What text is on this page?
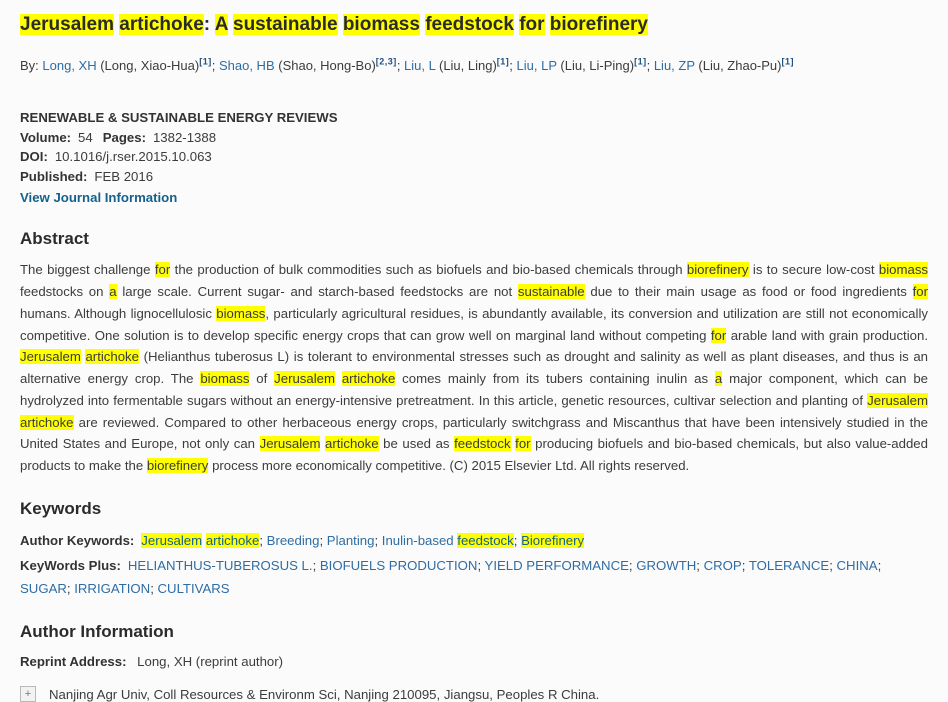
Jerusalem artichoke: A sustainable biomass feedstock for biorefinery
By: Long, XH (Long, Xiao-Hua)[1]; Shao, HB (Shao, Hong-Bo)[2,3]; Liu, L (Liu, Ling)[1]; Liu, LP (Liu, Li-Ping)[1]; Liu, ZP (Liu, Zhao-Pu)[1]
RENEWABLE & SUSTAINABLE ENERGY REVIEWS
Volume: 54 Pages: 1382-1388
DOI: 10.1016/j.rser.2015.10.063
Published: FEB 2016
View Journal Information
Abstract

The biggest challenge for the production of bulk commodities such as biofuels and bio-based chemicals through biorefinery is to secure low-cost biomass feedstocks on a large scale. Current sugar- and starch-based feedstocks are not sustainable due to their main usage as food or food ingredients for humans. Although lignocellulosic biomass, particularly agricultural residues, is abundantly available, its conversion and utilization are still not economically competitive. One solution is to develop specific energy crops that can grow well on marginal land without competing for arable land with grain production. Jerusalem artichoke (Helianthus tuberosus L) is tolerant to environmental stresses such as drought and salinity as well as plant diseases, and thus is an alternative energy crop. The biomass of Jerusalem artichoke comes mainly from its tubers containing inulin as a major component, which can be hydrolyzed into fermentable sugars without an energy-intensive pretreatment. In this article, genetic resources, cultivar selection and planting of Jerusalem artichoke are reviewed. Compared to other herbaceous energy crops, particularly switchgrass and Miscanthus that have been intensively studied in the United States and Europe, not only can Jerusalem artichoke be used as feedstock for producing biofuels and bio-based chemicals, but also value-added products to make the biorefinery process more economically competitive. (C) 2015 Elsevier Ltd. All rights reserved.

Keywords

Author Keywords: Jerusalem artichoke; Breeding; Planting; Inulin-based feedstock; Biorefinery

KeyWords Plus: HELIANTHUS-TUBEROSUS L.; BIOFUELS PRODUCTION; YIELD PERFORMANCE; GROWTH; CROP; TOLERANCE; CHINA; SUGAR; IRRIGATION; CULTIVARS

Author Information

Reprint Address: Long, XH (reprint author)

+	Nanjing Agr Univ, Coll Resources & Environm Sci, Nanjing 210095, Jiangsu, Peoples R China.
